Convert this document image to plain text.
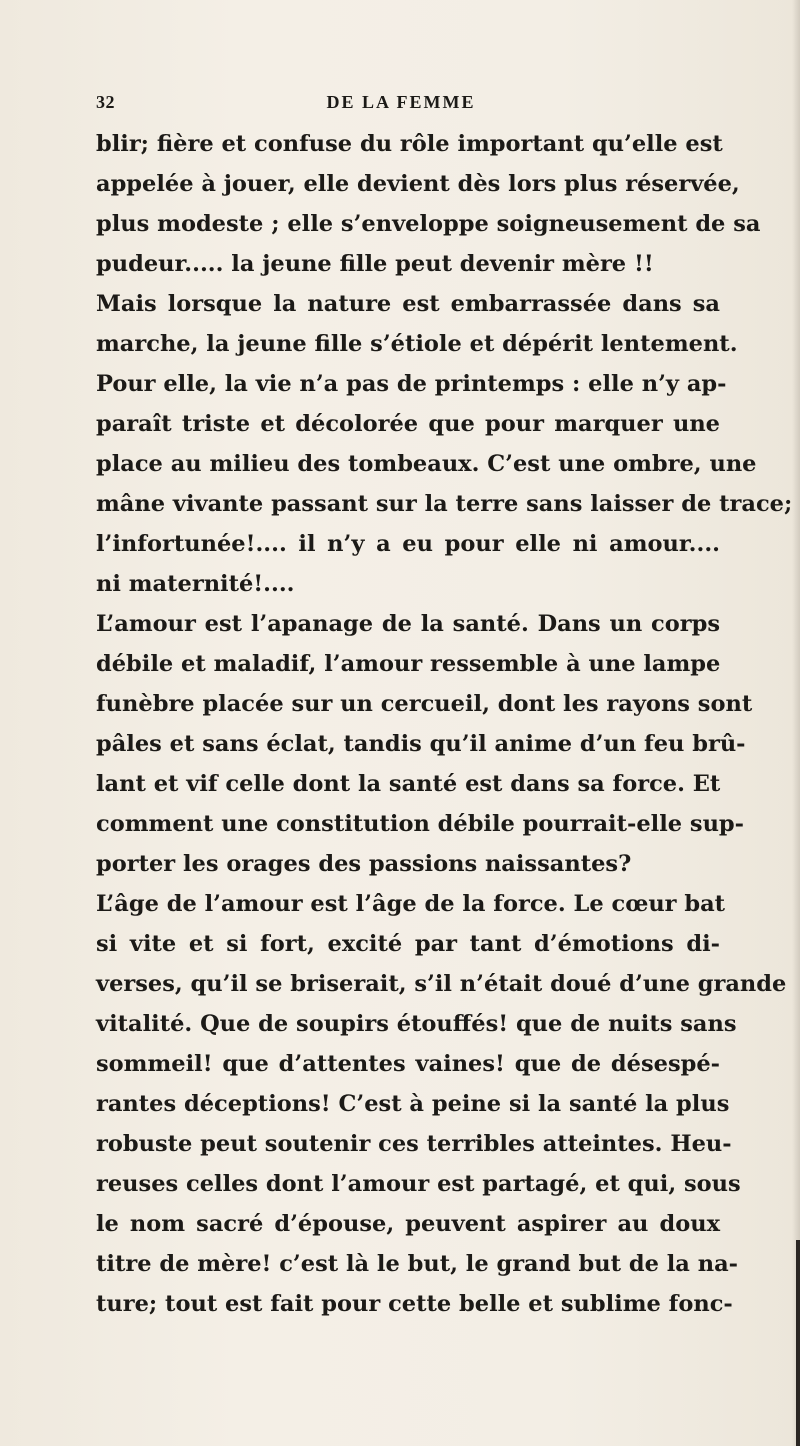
32	DE LA FEMME
blir; fière et confuse du rôle important qu’elle est
appelée à jouer, elle devient dès lors plus réservée,
plus modeste ; elle s’enveloppe soigneusement de sa
pudeur..... la jeune fille peut devenir mère !!
Mais lorsque la nature est embarrassée dans sa
marche, la jeune fille s’étiole et dépérit lentement.
Pour elle, la vie n’a pas de printemps : elle n’y ap-
paraît triste et décolorée que pour marquer une
place au milieu des tombeaux. C’est une ombre, une
mâne vivante passant sur la terre sans laisser de trace;
l’infortunée!.... il n’y a eu pour elle ni amour....
ni maternité!....
L’amour est l’apanage de la santé. Dans un corps
débile et maladif, l’amour ressemble à une lampe
funèbre placée sur un cercueil, dont les rayons sont
pâles et sans éclat, tandis qu’il anime d’un feu brû-
lant et vif celle dont la santé est dans sa force. Et
comment une constitution débile pourrait-elle sup-
porter les orages des passions naissantes?
L’âge de l’amour est l’âge de la force. Le cœur bat
si vite et si fort, excité par tant d’émotions di-
verses, qu’il se briserait, s’il n’était doué d’une grande
vitalité. Que de soupirs étouffés! que de nuits sans
sommeil! que d’attentes vaines! que de désespé-
rantes déceptions! C’est à peine si la santé la plus
robuste peut soutenir ces terribles atteintes. Heu-
reuses celles dont l’amour est partagé, et qui, sous
le nom sacré d’épouse, peuvent aspirer au doux
titre de mère! c’est là le but, le grand but de la na-
ture; tout est fait pour cette belle et sublime fonc-
